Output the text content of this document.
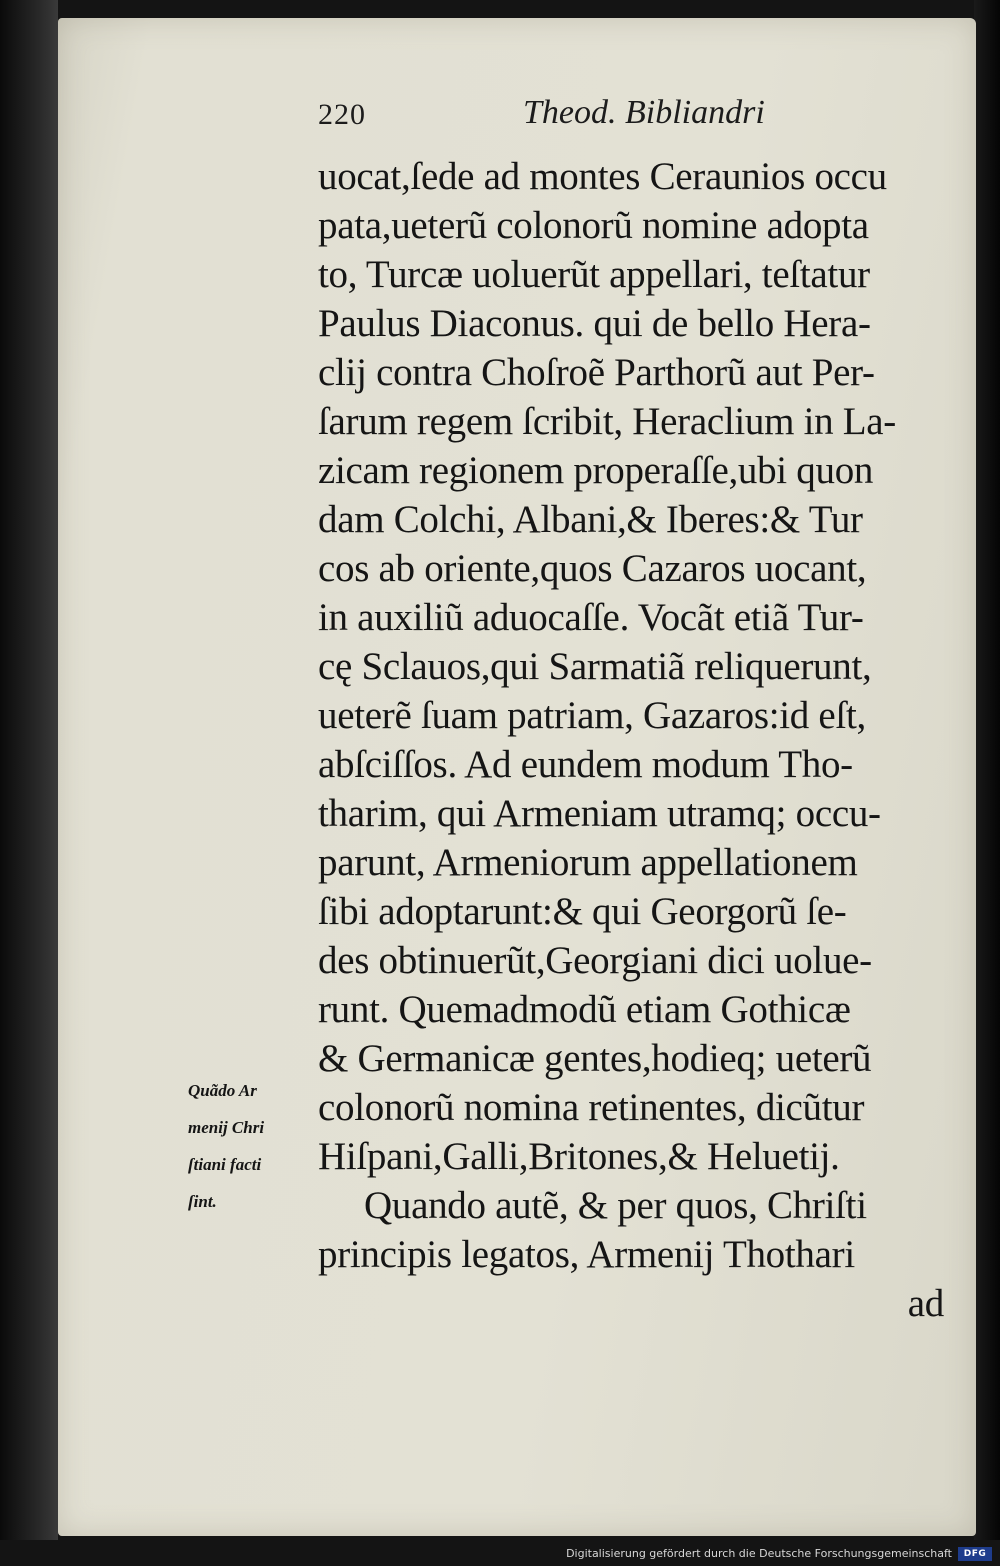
220	Theod. Bibliandri
uocat,ſede ad montes Ceraunios occu
pata,ueterũ colonorũ nomine adopta
to, Turcæ uoluerũt appellari, teſtatur
Paulus Diaconus. qui de bello Hera-
clij contra Choſroẽ Parthorũ aut Per-
ſarum regem ſcribit, Heraclium in La-
zicam regionem properaſſe,ubi quon
dam Colchi, Albani,& Iberes:& Tur
cos ab oriente,quos Cazaros uocant,
in auxiliũ aduocaſſe. Vocãt etiã Tur-
cę Sclauos,qui Sarmatiã reliquerunt,
ueterẽ ſuam patriam, Gazaros:id eſt,
abſciſſos. Ad eundem modum Tho-
tharim, qui Armeniam utramq; occu-
parunt, Armeniorum appellationem
ſibi adoptarunt:& qui Georgorũ ſe-
des obtinuerũt,Georgiani dici uolue-
runt. Quemadmodũ etiam Gothicæ
& Germanicæ gentes,hodieq; ueterũ
colonorũ nomina retinentes, dicũtur
Hiſpani,Galli,Britones,& Heluetij.
Quando autẽ, & per quos, Chriſti
principis legatos, Armenij Thothari
ad
Quãdo Ar
menij Chri
ſtiani facti
ſint.
Digitalisierung gefördert durch die Deutsche Forschungsgemeinschaft	DFG
